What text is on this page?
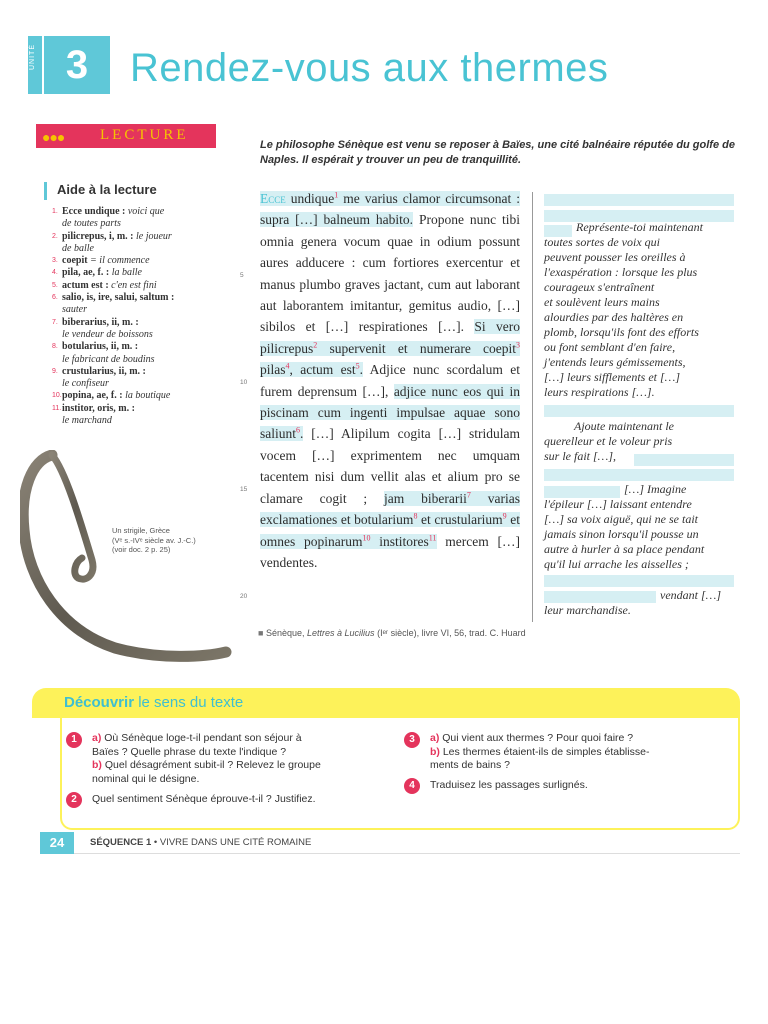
UNITÉ 3	Rendez-vous aux thermes
●●● LECTURE
Le philosophe Sénèque est venu se reposer à Baïes, une cité balnéaire réputée du golfe de Naples. Il espérait y trouver un peu de tranquillité.
Aide à la lecture
1. Ecce undique : voici que
de toutes parts
2. pilicrepus, i, m. : le joueur
de balle
3. coepit = il commence
4. pila, ae, f. : la balle
5. actum est : c'en est fini
6. salio, is, ire, salui, saltum :
sauter
7. biberarius, ii, m. :
le vendeur de boissons
8. botularius, ii, m. :
le fabricant de boudins
9. crustularius, ii, m. :
le confiseur
10. popina, ae, f. : la boutique
11. institor, oris, m. :
le marchand
Un strigile, Grèce
(Vᵉ s.-IVᵉ siècle av. J.-C.)
(voir doc. 2 p. 25)
5
10
15
20
Ecce undique$^1$ me varius clamor circumsonat : supra […] balneum habito. Propone nunc tibi omnia genera vocum quae in odium possunt aures adducere : cum fortiores exercentur et manus plumbo graves jactant, cum aut laborant aut laborantem imitantur, gemitus audio, […] sibilos et […] respirationes […]. Si vero pilicrepus$^2$ supervenit et numerare coepit$^3$ pilas$^4$, actum est$^5$. Adjice nunc scordalum et furem deprensum […], adjice nunc eos qui in piscinam cum ingenti impulsae aquae sono saliunt$^6$. […] Alipilum cogita […] stridulam vocem […] exprimentem nec umquam tacentem nisi dum vellit alas et alium pro se clamare cogit ; jam biberarii$^7$ varias exclamationes et botularium$^8$ et crustularium$^9$ et omnes popinarum$^{10}$ institores$^{11}$ mercem […] vendentes.
Représente-toi maintenant
toutes sortes de voix qui
peuvent pousser les oreilles à
l'exaspération : lorsque les plus
courageux s'entraînent
et soulèvent leurs mains
alourdies par des haltères en
plomb, lorsqu'ils font des efforts
ou font semblant d'en faire,
j'entends leurs gémissements,
[…] leurs sifflements et […]
leurs respirations […].
Ajoute maintenant le
querelleur et le voleur pris
sur le fait […],
[…] Imagine
l'épileur […] laissant entendre
[…] sa voix aiguë, qui ne se tait
jamais sinon lorsqu'il pousse un
autre à hurler à sa place pendant
qu'il lui arrache les aisselles ;
vendant […]
leur marchandise.
■ Sénèque, Lettres à Lucilius (Iᵉʳ siècle), livre VI, 56, trad. C. Huard
Découvrir le sens du texte
1	a) Où Sénèque loge-t-il pendant son séjour à
Baïes ? Quelle phrase du texte l'indique ?
b) Quel désagrément subit-il ? Relevez le groupe
nominal qui le désigne.
2	Quel sentiment Sénèque éprouve-t-il ? Justifiez.
3	a) Qui vient aux thermes ? Pour quoi faire ?
b) Les thermes étaient-ils de simples établisse-
ments de bains ?
4	Traduisez les passages surlignés.
24	SÉQUENCE 1 • VIVRE DANS UNE CITÉ ROMAINE
